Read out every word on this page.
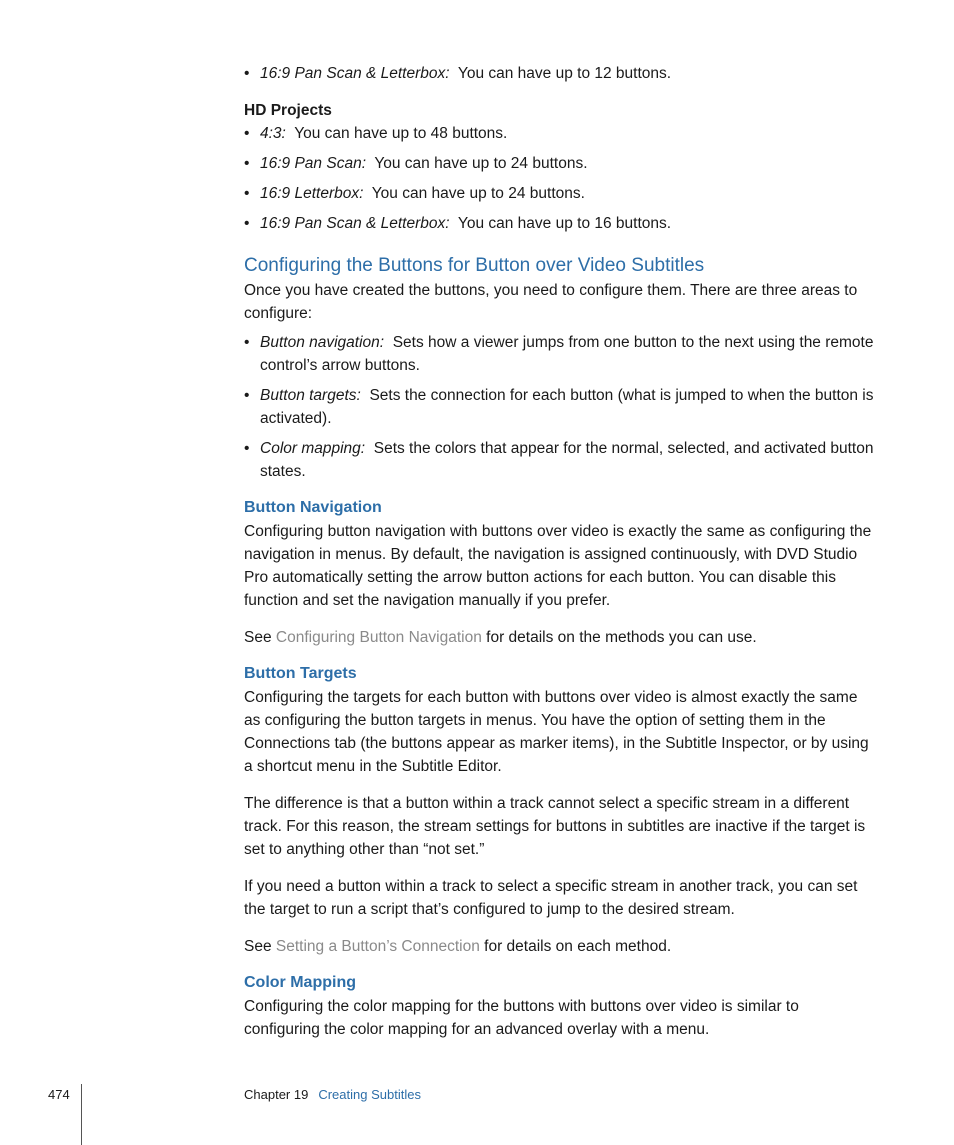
• 16:9 Pan Scan & Letterbox: You can have up to 12 buttons.
HD Projects
• 4:3: You can have up to 48 buttons.
• 16:9 Pan Scan: You can have up to 24 buttons.
• 16:9 Letterbox: You can have up to 24 buttons.
• 16:9 Pan Scan & Letterbox: You can have up to 16 buttons.
Configuring the Buttons for Button over Video Subtitles
Once you have created the buttons, you need to configure them. There are three areas to configure:
• Button navigation: Sets how a viewer jumps from one button to the next using the remote control’s arrow buttons.
• Button targets: Sets the connection for each button (what is jumped to when the button is activated).
• Color mapping: Sets the colors that appear for the normal, selected, and activated button states.
Button Navigation
Configuring button navigation with buttons over video is exactly the same as configuring the navigation in menus. By default, the navigation is assigned continuously, with DVD Studio Pro automatically setting the arrow button actions for each button. You can disable this function and set the navigation manually if you prefer.
See Configuring Button Navigation for details on the methods you can use.
Button Targets
Configuring the targets for each button with buttons over video is almost exactly the same as configuring the button targets in menus. You have the option of setting them in the Connections tab (the buttons appear as marker items), in the Subtitle Inspector, or by using a shortcut menu in the Subtitle Editor.
The difference is that a button within a track cannot select a specific stream in a different track. For this reason, the stream settings for buttons in subtitles are inactive if the target is set to anything other than “not set.”
If you need a button within a track to select a specific stream in another track, you can set the target to run a script that’s configured to jump to the desired stream.
See Setting a Button’s Connection for details on each method.
Color Mapping
Configuring the color mapping for the buttons with buttons over video is similar to configuring the color mapping for an advanced overlay with a menu.
474	Chapter 19 Creating Subtitles
